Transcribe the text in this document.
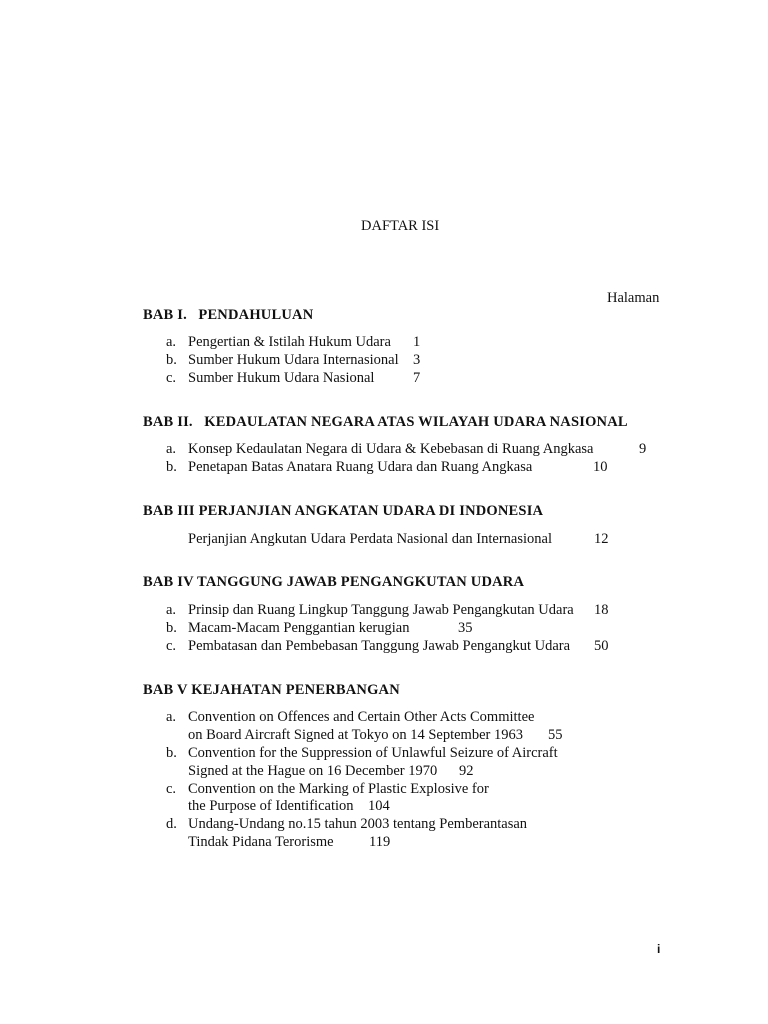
DAFTAR ISI
Halaman
BAB I.   PENDAHULUAN
a. Pengertian & Istilah Hukum Udara 1
b. Sumber Hukum Udara Internasional 3
c. Sumber Hukum Udara Nasional	7
BAB II.   KEDAULATAN NEGARA ATAS WILAYAH UDARA NASIONAL
a. Konsep Kedaulatan Negara di Udara & Kebebasan di Ruang Angkasa	9
b. Penetapan Batas Anatara Ruang Udara dan Ruang Angkasa	10
BAB III PERJANJIAN ANGKATAN UDARA DI INDONESIA
Perjanjian Angkutan Udara Perdata Nasional dan Internasional	12
BAB IV TANGGUNG JAWAB PENGANGKUTAN UDARA
a. Prinsip dan Ruang Lingkup Tanggung Jawab Pengangkutan Udara 18
b. Macam-Macam Penggantian kerugian	35
c. Pembatasan dan Pembebasan Tanggung Jawab Pengangkut Udara 50
BAB V KEJAHATAN PENERBANGAN
a. Convention on Offences and Certain Other Acts Committee
on Board Aircraft Signed at Tokyo on 14 September 1963 55
b. Convention for the Suppression of Unlawful Seizure of Aircraft
Signed at the Hague on 16 December 1970 92
c. Convention on the Marking of Plastic Explosive for
the Purpose of Identification 104
d. Undang-Undang no.15 tahun 2003 tentang Pemberantasan
Tindak Pidana Terorisme 119
i
